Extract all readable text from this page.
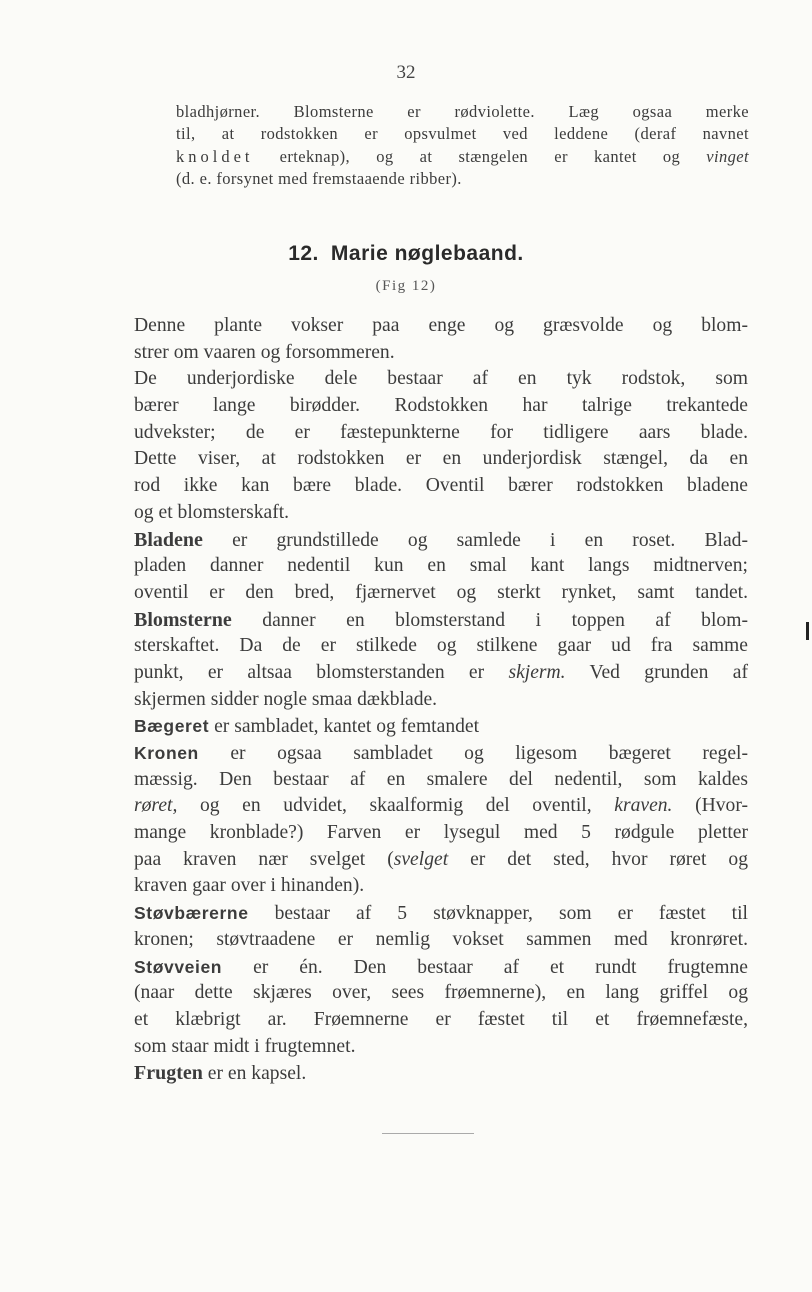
32
bladhjørner. Blomsterne er rødviolette. Læg ogsaa merke
til, at rodstokken er opsvulmet ved leddene (deraf navnet
knoldet erteknap), og at stængelen er kantet og vinget
(d. e. forsynet med fremstaaende ribber).
12. Marie nøglebaand.
(Fig 12)
Denne plante vokser paa enge og græsvolde og blom-
strer om vaaren og forsommeren.
De underjordiske dele bestaar af en tyk rodstok, som
bærer lange birødder. Rodstokken har talrige trekantede
udvekster; de er fæstepunkterne for tidligere aars blade.
Dette viser, at rodstokken er en underjordisk stængel, da en
rod ikke kan bære blade. Oventil bærer rodstokken bladene
og et blomsterskaft.
Bladene er grundstillede og samlede i en roset. Blad-
pladen danner nedentil kun en smal kant langs midtnerven;
oventil er den bred, fjærnervet og sterkt rynket, samt tandet.
Blomsterne danner en blomsterstand i toppen af blom-
sterskaftet. Da de er stilkede og stilkene gaar ud fra samme
punkt, er altsaa blomsterstanden er skjerm. Ved grunden af
skjermen sidder nogle smaa dækblade.
Bægeret er sambladet, kantet og femtandet
Kronen er ogsaa sambladet og ligesom bægeret regel-
mæssig. Den bestaar af en smalere del nedentil, som kaldes
røret, og en udvidet, skaalformig del oventil, kraven. (Hvor-
mange kronblade?) Farven er lysegul med 5 rødgule pletter
paa kraven nær svelget (svelget er det sted, hvor røret og
kraven gaar over i hinanden).
Støvbærerne bestaar af 5 støvknapper, som er fæstet til
kronen; støvtraadene er nemlig vokset sammen med kronrøret.
Støvveien er én. Den bestaar af et rundt frugtemne
(naar dette skjæres over, sees frøemnerne), en lang griffel og
et klæbrigt ar. Frøemnerne er fæstet til et frøemnefæste,
som staar midt i frugtemnet.
Frugten er en kapsel.
